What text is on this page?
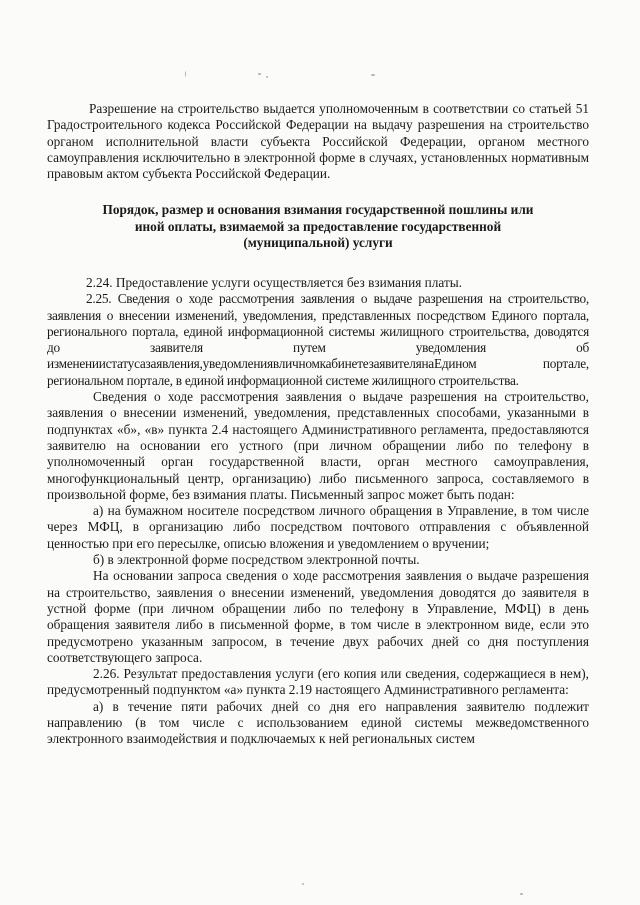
Разрешение на строительство выдается уполномоченным в соответствии со статьей 51 Градостроительного кодекса Российской Федерации на выдачу разрешения на строительство органом исполнительной власти субъекта Российской Федерации, органом местного самоуправления исключительно в электронной форме в случаях, установленных нормативным правовым актом субъекта Российской Федерации.

Порядок, размер и основания взимания государственной пошлины или
иной оплаты, взимаемой за предоставление государственной
(муниципальной) услуги

2.24. Предоставление услуги осуществляется без взимания платы.

2.25. Сведения о ходе рассмотрения заявления о выдаче разрешения на строительство, заявления о внесении изменений, уведомления, представленных посредством Единого портала, регионального портала, единой информационной системы жилищного строительства, доводятся до заявителя путем уведомления об изменениистатусазаявления,уведомлениявличномкабинетезаявителянаЕдином портале, региональном портале, в единой информационной системе жилищного строительства.

Сведения о ходе рассмотрения заявления о выдаче разрешения на строительство, заявления о внесении изменений, уведомления, представленных способами, указанными в подпунктах «б», «в» пункта 2.4 настоящего Административного регламента, предоставляются заявителю на основании его устного (при личном обращении либо по телефону в уполномоченный орган государственной власти, орган местного самоуправления, многофункциональный центр, организацию) либо письменного запроса, составляемого в произвольной форме, без взимания платы. Письменный запрос может быть подан:

а) на бумажном носителе посредством личного обращения в Управление, в том числе через МФЦ, в организацию либо посредством почтового отправления с объявленной ценностью при его пересылке, описью вложения и уведомлением о вручении;

б) в электронной форме посредством электронной почты.

На основании запроса сведения о ходе рассмотрения заявления о выдаче разрешения на строительство, заявления о внесении изменений, уведомления доводятся до заявителя в устной форме (при личном обращении либо по телефону в Управление, МФЦ) в день обращения заявителя либо в письменной форме, в том числе в электронном виде, если это предусмотрено указанным запросом, в течение двух рабочих дней со дня поступления соответствующего запроса.

2.26. Результат предоставления услуги (его копия или сведения, содержащиеся в нем), предусмотренный подпунктом «а» пункта 2.19 настоящего Административного регламента:

а) в течение пяти рабочих дней со дня его направления заявителю подлежит направлению (в том числе с использованием единой системы межведомственного электронного взаимодействия и подключаемых к ней региональных систем
